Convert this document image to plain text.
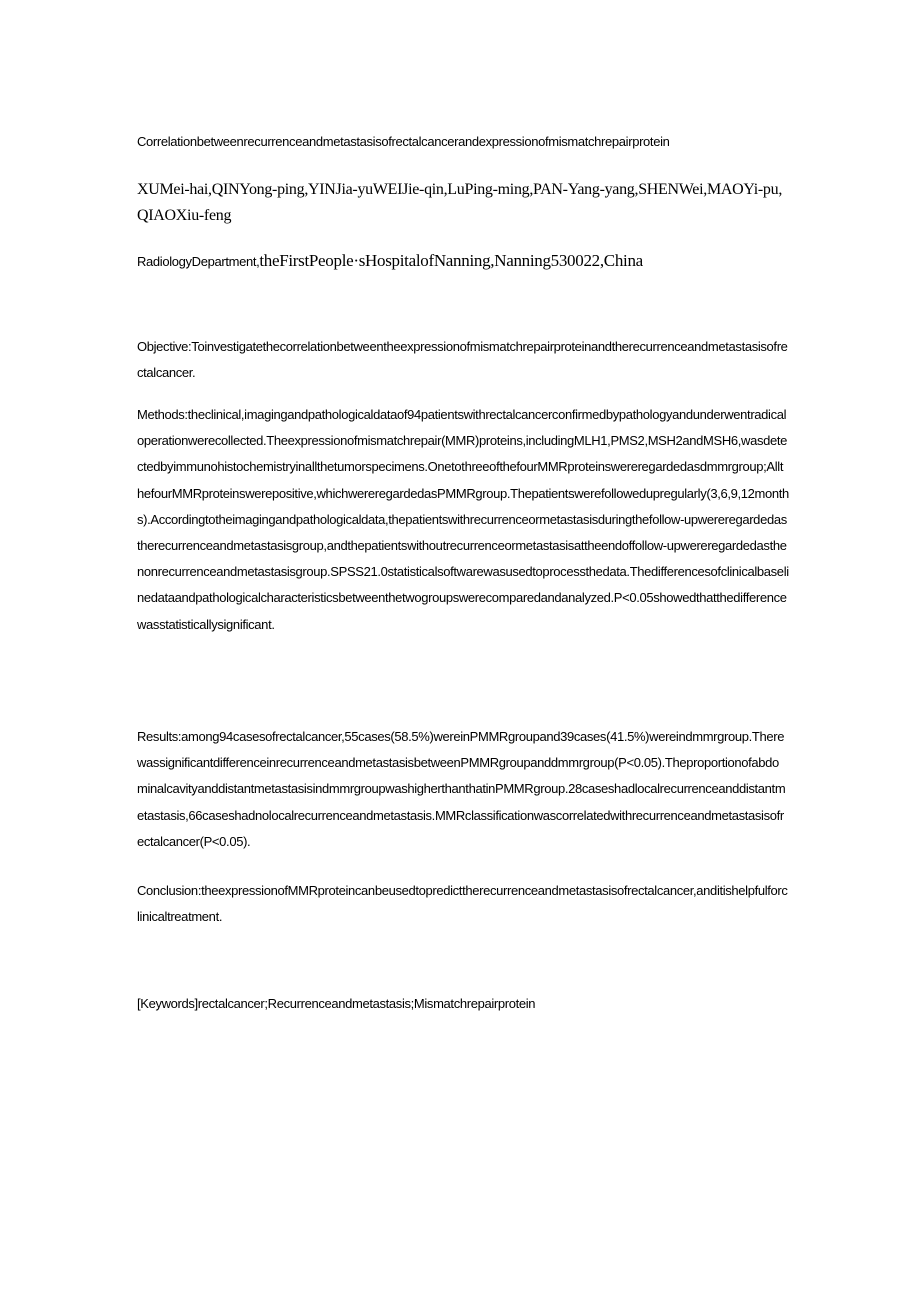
Correlationbetweenrecurrenceandmetastasisofrectalcancerandexpressionofmismatchrepairprotein
XUMei-hai,QINYong-ping,YINJia-yuWEIJie-qin,LuPing-ming,PAN-Yang-yang,SHENWei,MAOYi-pu,QIAOXiu-feng
RadiologyDepartment,theFirstPeople·sHospitalofNanning,Nanning530022,China
Objective:Toinvestigatethecorrelationbetweentheexpressionofmismatchrepairproteinandtherecurrenceandmetastasisofrectalcancer.
Methods:theclinical,imagingandpathologicaldataof94patientswithrectalcancerconfirmedbypathologyandunderwentradicaloperationwerecollected.Theexpressionofmismatchrepair(MMR)proteins,includingMLH1,PMS2,MSH2andMSH6,wasdetectedbyimmunohistochemistryinallthetumorspecimens.OnetothreeofthefourMMRproteinswereregardedasdmmrgroup;AllthefourMMRproteinswerepositive,whichwereregardedasPMMRgroup.Thepatientswerefollowedupregularly(3,6,9,12months).Accordingtotheimagingandpathologicaldata,thepatientswithrecurrenceormetastasisduringthefollow-upwereregardedastherecurrenceandmetastasisgroup,andthepatientswithoutrecurrenceormetastasisattheendoffollow-upwereregardedasthenonrecurrenceandmetastasisgroup.SPSS21.0statisticalsoftwarewasusedtoprocessthedata.Thedifferencesofclinicalbaselinedataandpathologicalcharacteristicsbetweenthetwogroupswerecomparedandanalyzed.P<0.05showedthatthedifferencewasstatisticallysignificant.
Results:among94casesofrectalcancer,55cases(58.5%)wereinPMMRgroupand39cases(41.5%)wereindmmrgroup.TherewassignificantdifferenceinrecurrenceandmetastasisbetweenPMMRgroupanddmmrgroup(P<0.05).TheproportionofabdominalcavityanddistantmetastasisindmmrgroupwashigherthanthatinPMMRgroup.28caseshadlocalrecurrenceanddistantmetastasis,66caseshadnolocalrecurrenceandmetastasis.MMRclassificationwascorrelatedwithrecurrenceandmetastasisofrectalcancer(P<0.05).
Conclusion:theexpressionofMMRproteincanbeusedtopredicttherecurrenceandmetastasisofrectalcancer,anditishelpfulforclinicaltreatment.
[Keywords]rectalcancer;Recurrenceandmetastasis;Mismatchrepairprotein
